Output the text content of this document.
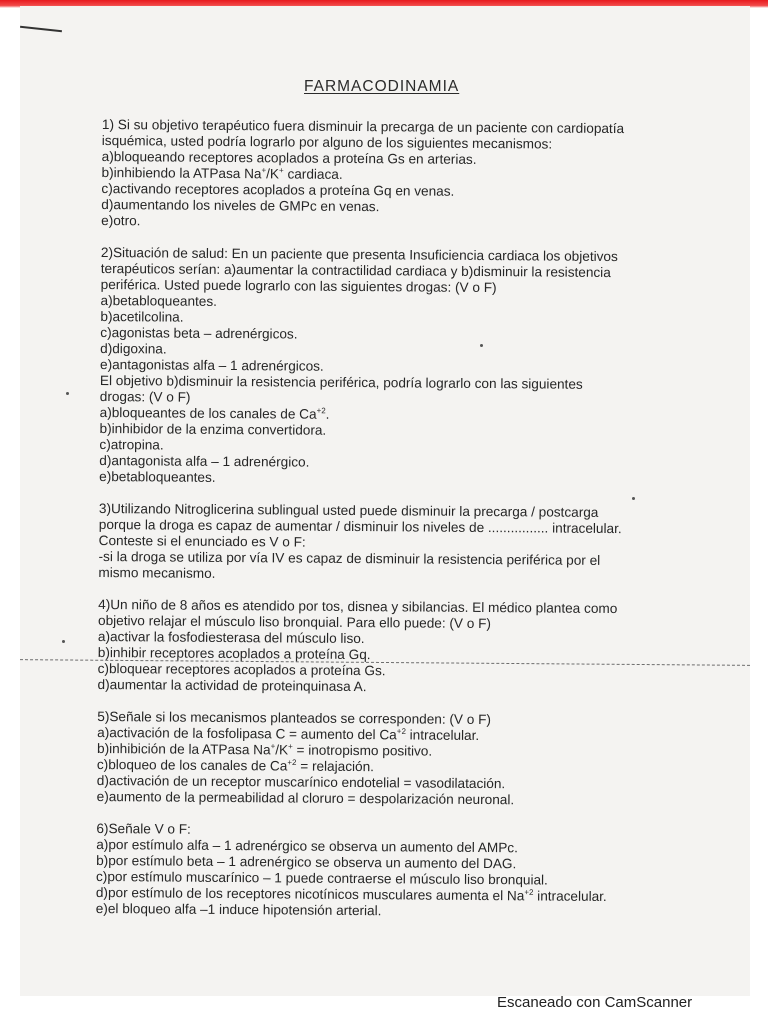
FARMACODINAMIA

1) Si su objetivo terapéutico fuera disminuir la precarga de un paciente con cardiopatía

isquémica, usted podría lograrlo por alguno de los siguientes mecanismos:

a)bloqueando receptores acoplados a proteína Gs en arterias.

b)inhibiendo la ATPasa Na+/K+ cardiaca.

c)activando receptores acoplados a proteína Gq en venas.

d)aumentando los niveles de GMPc en venas.

e)otro.

2)Situación de salud: En un paciente que presenta Insuficiencia cardiaca los objetivos

terapéuticos serían: a)aumentar la contractilidad cardiaca y b)disminuir la resistencia

periférica. Usted puede lograrlo con las siguientes drogas: (V o F)

a)betabloqueantes.

b)acetilcolina.

c)agonistas beta – adrenérgicos.

d)digoxina.

e)antagonistas alfa – 1 adrenérgicos.

El objetivo b)disminuir la resistencia periférica, podría lograrlo con las siguientes

drogas: (V o F)

a)bloqueantes de los canales de $Ca^{+2}$.

b)inhibidor de la enzima convertidora.

c)atropina.

d)antagonista alfa – 1 adrenérgico.

e)betabloqueantes.

3)Utilizando Nitroglicerina sublingual usted puede disminuir la precarga / postcarga

porque la droga es capaz de aumentar / disminuir los niveles de ................ intracelular.

Conteste si el enunciado es V o F:

-si la droga se utiliza por vía IV es capaz de disminuir la resistencia periférica por el

mismo mecanismo.

4)Un niño de 8 años es atendido por tos, disnea y sibilancias. El médico plantea como

objetivo relajar el músculo liso bronquial. Para ello puede: (V o F)

a)activar la fosfodiesterasa del músculo liso.

b)inhibir receptores acoplados a proteína Gq.

c)bloquear receptores acoplados a proteína Gs.

d)aumentar la actividad de proteinquinasa A.

5)Señale si los mecanismos planteados se corresponden: (V o F)

a)activación de la fosfolipasa C = aumento del $Ca^{+2}$ intracelular.

b)inhibición de la ATPasa Na+/K+ = inotropismo positivo.

c)bloqueo de los canales de $Ca^{+2}$ = relajación.

d)activación de un receptor muscarínico endotelial = vasodilatación.

e)aumento de la permeabilidad al cloruro = despolarización neuronal.

6)Señale V o F:

a)por estímulo alfa – 1 adrenérgico se observa un aumento del AMPc.

b)por estímulo beta – 1 adrenérgico se observa un aumento del DAG.

c)por estímulo muscarínico – 1 puede contraerse el músculo liso bronquial.

d)por estímulo de los receptores nicotínicos musculares aumenta el $Na^{+2}$ intracelular.

e)el bloqueo alfa –1 induce hipotensión arterial.

Escaneado con CamScanner
